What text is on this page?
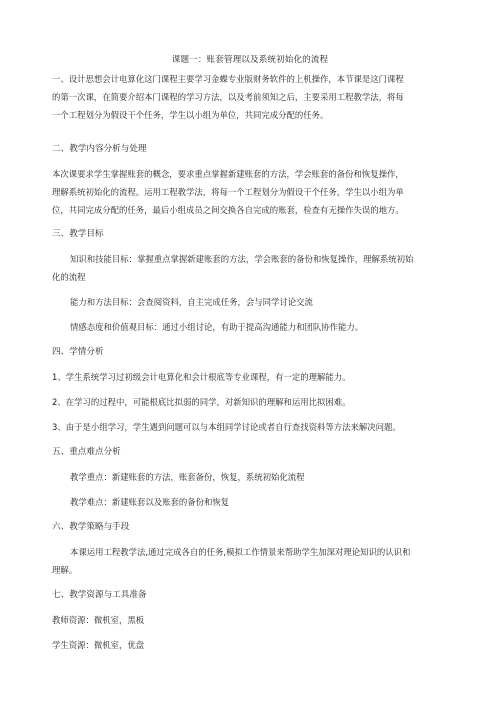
课题一：账套管理以及系统初始化的流程
一、设计思想会计电算化这门课程主要学习金蝶专业版财务软件的上机操作，本节课是这门课程
的第一次课，在简要介绍本门课程的学习方法，以及考前须知之后，主要采用工程教学法，将每
一个工程划分为假设干个任务，学生以小组为单位，共同完成分配的任务。
二、教学内容分析与处理
本次课要求学生掌握账套的概念，要求重点掌握新建账套的方法，学会账套的备份和恢复操作，
理解系统初始化的流程。运用工程教学法，将每一个工程划分为假设干个任务，学生以小组为单
位，共同完成分配的任务，最后小组成员之间交换各自完成的账套，检查有无操作失误的地方。
三、教学目标
知识和技能目标：掌握重点掌握新建账套的方法，学会账套的备份和恢复操作，理解系统初始
化的流程
能力和方法目标：会查阅资料，自主完成任务，会与同学讨论交流
情感态度和价值观目标：通过小组讨论，有助于提高沟通能力和团队协作能力。
四、学情分析
1、学生系统学习过初级会计电算化和会计根底等专业课程，有一定的理解能力。
2、在学习的过程中，可能根底比拟弱的同学，对新知识的理解和运用比拟困难。
3、由于是小组学习，学生遇到问题可以与本组同学讨论或者自行查找资料等方法来解决问题。
五、重点难点分析
教学重点：新建账套的方法，账套备份，恢复，系统初始化流程
教学难点：新建账套以及账套的备份和恢复
六、教学策略与手段
本课运用工程教学法,通过完成各自的任务,模拟工作情景来帮助学生加深对理论知识的认识和
理解。
七、教学资源与工具准备
教师资源：微机室，黑板
学生资源：微机室，优盘
